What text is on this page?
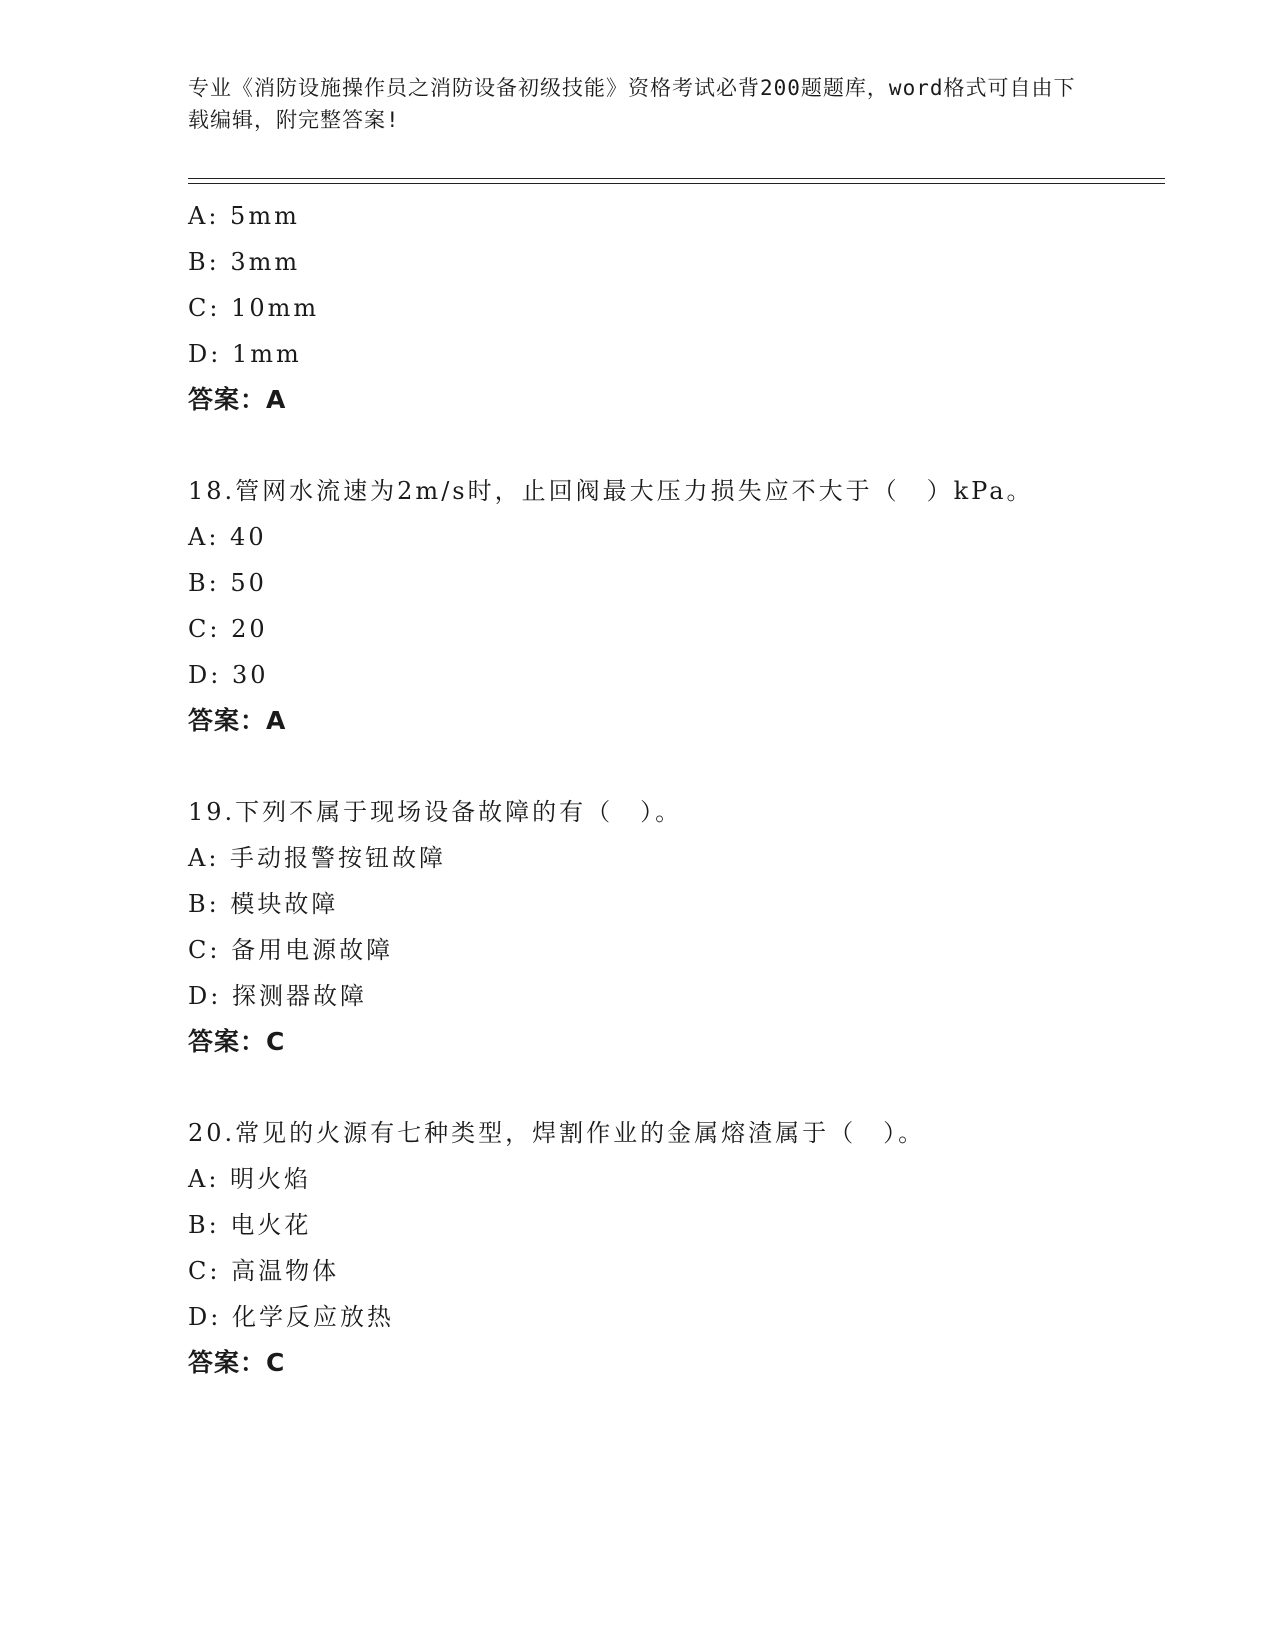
专业《消防设施操作员之消防设备初级技能》资格考试必背200题题库，word格式可自由下载编辑，附完整答案!
A: 5mm
B: 3mm
C: 10mm
D: 1mm
答案：A
18.管网水流速为2m/s时，止回阀最大压力损失应不大于（　）kPa。
A: 40
B: 50
C: 20
D: 30
答案：A
19.下列不属于现场设备故障的有（　）。
A: 手动报警按钮故障
B: 模块故障
C: 备用电源故障
D: 探测器故障
答案：C
20.常见的火源有七种类型，焊割作业的金属熔渣属于（　）。
A: 明火焰
B: 电火花
C: 高温物体
D: 化学反应放热
答案：C
